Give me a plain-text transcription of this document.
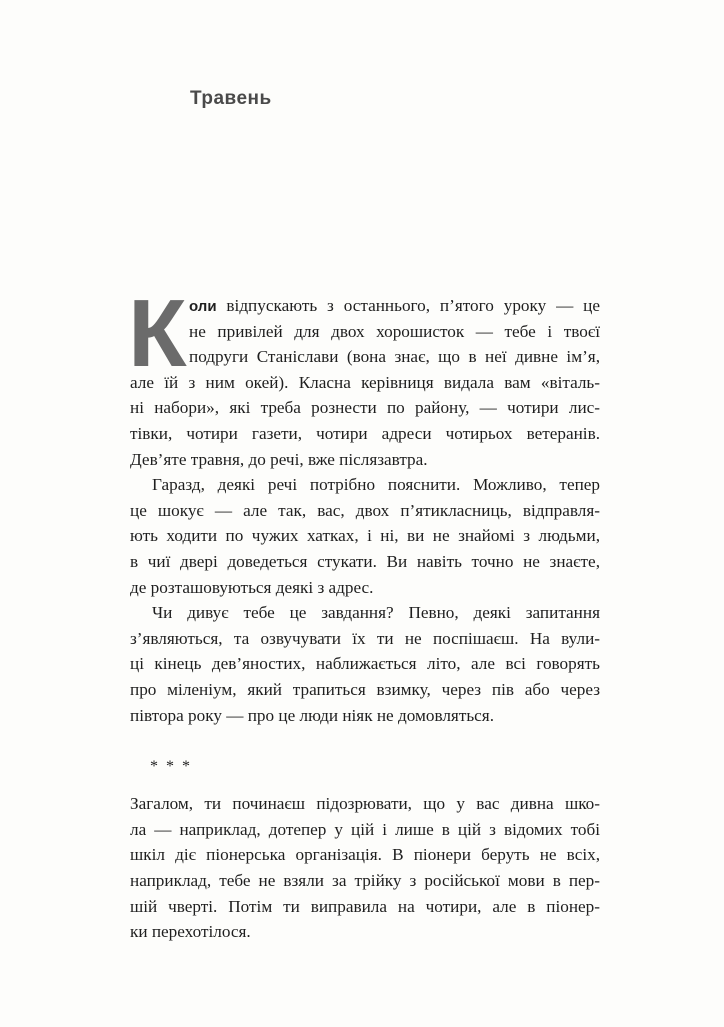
Травень
К оли відпускають з останнього, п’ятого уроку — це
не привілей для двох хорошисток — тебе і твоєї
подруги Станіслави (вона знає, що в неї дивне ім’я,
але їй з ним окей). Класна керівниця видала вам «віталь-
ні набори», які треба рознести по району, — чотири лис-
тівки, чотири газети, чотири адреси чотирьох ветеранів.
Дев’яте травня, до речі, вже післязавтра.
Гаразд, деякі речі потрібно пояснити. Можливо, тепер
це шокує — але так, вас, двох п’ятикласниць, відправля-
ють ходити по чужих хатках, і ні, ви не знайомі з людьми,
в чиї двері доведеться стукати. Ви навіть точно не знаєте,
де розташовуються деякі з адрес.
Чи дивує тебе це завдання? Певно, деякі запитання
з’являються, та озвучувати їх ти не поспішаєш. На вули-
ці кінець дев’яностих, наближається літо, але всі говорять
про міленіум, який трапиться взимку, через пів або через
півтора року — про це люди ніяк не домовляться.
* * *
Загалом, ти починаєш підозрювати, що у вас дивна шко-
ла — наприклад, дотепер у цій і лише в цій з відомих тобі
шкіл діє піонерська організація. В піонери беруть не всіх,
наприклад, тебе не взяли за трійку з російської мови в пер-
шій чверті. Потім ти виправила на чотири, але в піонер-
ки перехотілося.
